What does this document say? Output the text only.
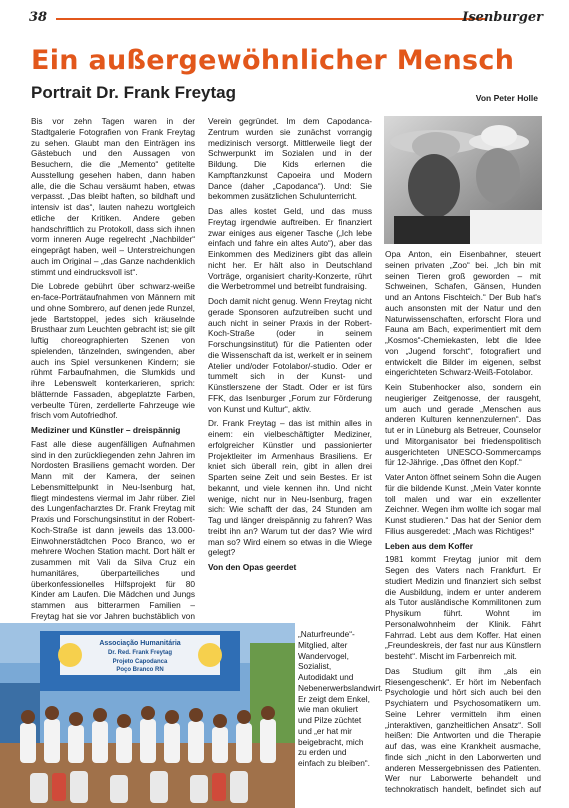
38	Isenburger
Ein außergewöhnlicher Mensch
Portrait Dr. Frank Freytag	Von Peter Holle

Bis vor zehn Tagen waren in der Stadtgalerie Fotografien von Frank Freytag zu sehen. Glaubt man den Einträgen ins Gästebuch und den Aussagen von Besuchern, die die „Memento“ getitelte Ausstellung gesehen haben, dann haben alle, die die Schau versäumt haben, etwas verpasst. „Das bleibt haften, so bildhaft und intensiv ist das“, lauten nahezu wortgleich etliche der Kritiken. Andere geben handschriftlich zu Protokoll, dass sich ihnen vorm inneren Auge regelrecht „Nachbilder“ eingeprägt haben, weil – Unterstreichungen auch im Original – „das Ganze nachdenklich stimmt und eindrucksvoll ist“.

Die Lobrede gebührt über schwarz-weiße en-face-Porträtaufnahmen von Männern mit und ohne Sombrero, auf denen jede Runzel, jede Bartstoppel, jedes sich kräuselnde Brusthaar zum Leuchten gebracht ist; sie gilt luftig choreographierten Szenen von spielenden, tänzelnden, swingenden, aber auch ins Spiel versunkenen Kindern; sie rühmt Farbaufnahmen, die Slumkids und ihre Lebenswelt konterkarieren, sprich: blätternde Fassaden, abgeplatzte Farben, verbeulte Türen, zerdellerte Fahrzeuge wie frisch vom Autofriedhof.

Mediziner und Künstler – dreispännig

Fast alle diese augenfälligen Aufnahmen sind in den zurückliegenden zehn Jahren im Nordosten Brasiliens gemacht worden. Der Mann mit der Kamera, der seinen Lebensmittelpunkt in Neu-Isenburg hat, fliegt mindestens viermal im Jahr rüber. Ziel des Lungenfacharztes Dr. Frank Freytag mit Praxis und Forschungsinstitut in der Robert-Koch-Straße ist dann jeweils das 13.000-Einwohnerstädtchen Poco Branco, wo er mehrere Wochen Station macht. Dort hält er zusammen mit Vali da Silva Cruz ein humanitäres, überparteiliches und überkonfessionelles Hilfsprojekt für 80 Kinder am Laufen. Die Mädchen und Jungs stammen aus bitterarmen Familien – Freytag hat sie vor Jahren buchstäblich von

Verein gegründet. Im dem Capodanca-Zentrum wurden sie zunächst vorrangig medizinisch versorgt. Mittlerweile liegt der Schwerpunkt im Sozialen und in der Bildung. Die Kids erlernen die Kampftanzkunst Capoeira und Modern Dance (daher „Capodanca“). Und: Sie bekommen zusätzlichen Schulunterricht.

Das alles kostet Geld, und das muss Freytag irgendwie auftreiben. Er finanziert zwar einiges aus eigener Tasche („Ich lebe einfach und fahre ein altes Auto“), aber das Einkommen des Mediziners gibt das allein nicht her. Er hält also in Deutschland Vorträge, organisiert charity-Konzerte, rührt die Werbetrommel und betreibt fundraising.

Doch damit nicht genug. Wenn Freytag nicht gerade Sponsoren aufzutreiben sucht und auch nicht in seiner Praxis in der Robert-Koch-Straße (oder in seinem Forschungsinstitut) für die Patienten oder die Wissenschaft da ist, werkelt er in seinem Atelier und/oder Fotolabor/-studio. Oder er tummelt sich in der Kunst- und Künstlerszene der Stadt. Oder er ist fürs FFK, das Isenburger „Forum zur Förderung von Kunst und Kultur“, aktiv.

Dr. Frank Freytag – das ist mithin alles in einem: ein vielbeschäftigter Mediziner, erfolgreicher Künstler und passionierter Projektleiter im Armenhaus Brasiliens. Er kniet sich überall rein, gibt in allen drei Sparten seine Zeit und sein Bestes. Er ist bekannt, und viele kennen ihn. Und nicht wenige, nicht nur in Neu-Isenburg, fragen sich: Wie schafft der das, 24 Stunden am Tag und länger dreispännig zu fahren? Was treibt ihn an? Warum tut der das? Wie wird man so? Wird einem so etwas in die Wiege gelegt?

Von den Opas geerdet

„Naturfreunde“-Mitglied, alter Wandervogel, Sozialist, Autodidakt und Nebenerwerbslandwirt. Er zeigt dem Enkel, wie man okuliert und Pilze züchtet und „er hat mir beigebracht, mich zu erden und einfach zu bleiben“.

Associação Humanitária
Dr. Red. Frank Freytag
Projeto Capodanca
Poço Branco RN

Opa Anton, ein Eisenbahner, steuert seinen privaten „Zoo“ bei. „Ich bin mit seinen Tieren groß geworden – mit Schweinen, Schafen, Gänsen, Hunden und an Antons Fischteich.“ Der Bub hat's auch ansonsten mit der Natur und den Naturwissenschaften, erforscht Flora und Fauna am Bach, experimentiert mit dem „Kosmos“-Chemiekasten, lebt die Idee von „Jugend forscht“, fotografiert und entwickelt die Bilder im eigenen, selbst eingerichteten Schwarz-Weiß-Fotolabor.

Kein Stubenhocker also, sondern ein neugieriger Zeitgenosse, der rausgeht, um auch und gerade „Menschen aus anderen Kulturen kennenzulernen“. Das tut er in Lüneburg als Betreuer, Counselor und Mitorganisator bei friedenspolitisch ausgerichteten UNESCO-Sommercamps für 12-Jährige. „Das öffnet den Kopf.“

Vater Anton öffnet seinem Sohn die Augen für die bildende Kunst. „Mein Vater konnte toll malen und war ein exzellenter Zeichner. Wegen ihm wollte ich sogar mal Kunst studieren.“ Das hat der Senior dem Filius ausgeredet: „Mach was Richtiges!“

Leben aus dem Koffer

1981 kommt Freytag junior mit dem Segen des Vaters nach Frankfurt. Er studiert Medizin und finanziert sich selbst die Ausbildung, indem er unter anderem als Tutor ausländische Kommilitonen zum Physikum führt. Wohnt im Personalwohnheim der Klinik. Fährt Fahrrad. Lebt aus dem Koffer. Hat einen „Freundeskreis, der fast nur aus Künstlern besteht“. Mischt im Farbenreich mit.

Das Studium gilt ihm „als ein Riesengeschenk“. Er hört im Nebenfach Psychologie und hört sich auch bei den Psychiatern und Psychosomatikern um. Seine Lehrer vermitteln ihm einen „interaktiven, ganzheitlichen Ansatz“. Soll heißen: Die Antworten und die Therapie auf das, was eine Krankheit ausmache, finde sich „nicht in den Laborwerten und anderen Messergebnissen des Patienten. Wer nur Laborwerte behandelt und technokratisch handelt, befindet sich auf
